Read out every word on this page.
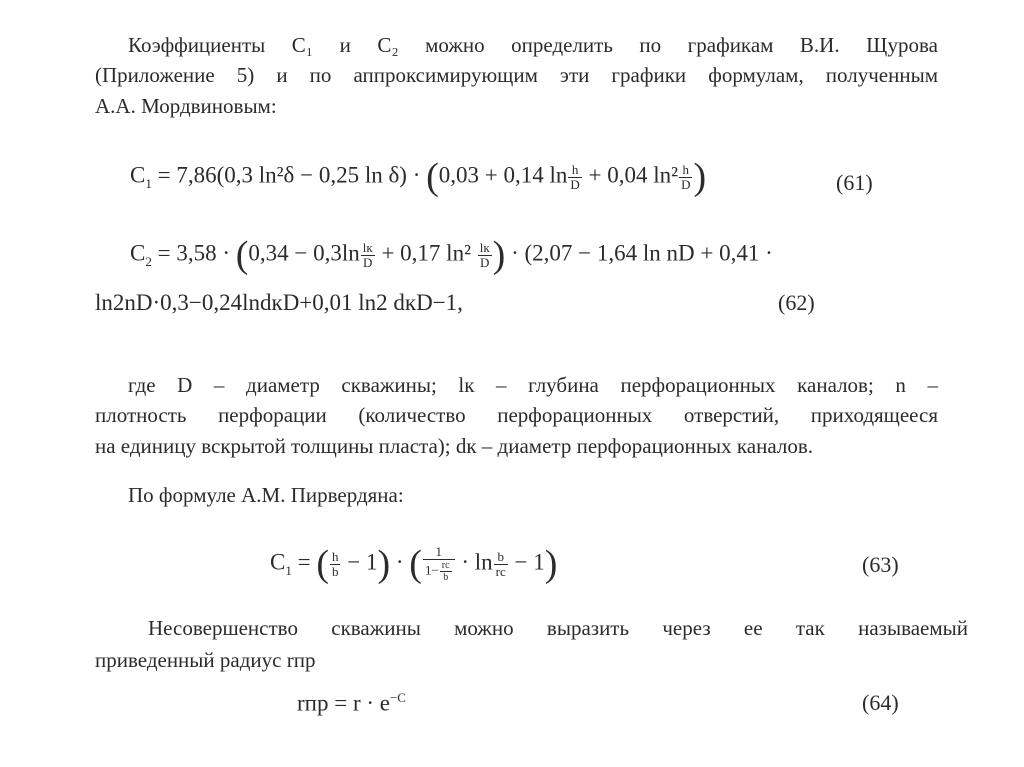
Коэффициенты C₁ и C₂ можно определить по графикам В.И. Щурова

(Приложение 5) и по аппроксимирующим эти графики формулам, полученным

А.А. Мордвиновым:

$C_1 = 7,86(0,3$ ln²δ − 0,25 ln δ) · (0,03 + 0,14 $\ln \frac{h}{D} + 0,04$ $\ln^2 \frac{h}{D}$ )	(61)
$C_2 = 3,58 \cdot (0,34 - 0,3\ln \frac{lк}{D} + 0,17$ $\ln^2 \frac{lк}{D}$ ) · (2,07 − 1,64 ln nD + 0,41 ·
ln2nD·0,3−0,24lndкD+0,01 ln2 dкD−1,	(62)

где D – диаметр скважины; lк – глубина перфорационных каналов; n –

плотность перфорации (количество перфорационных отверстий, приходящееся

на единицу вскрытой толщины пласта); dк – диаметр перфорационных каналов.

По формуле А.М. Пирвердяна:

$C_1$ = ( $\frac{h}{b} - 1$) · ( $\frac{1}{1- \frac{rc}{b}} \cdot \ln \frac{b}{rc} - 1$)	(63)

Несовершенство скважины можно выразить через ее так называемый

приведенный радиус rпр

rпр = $r \cdot e^{-C}$	(64)
